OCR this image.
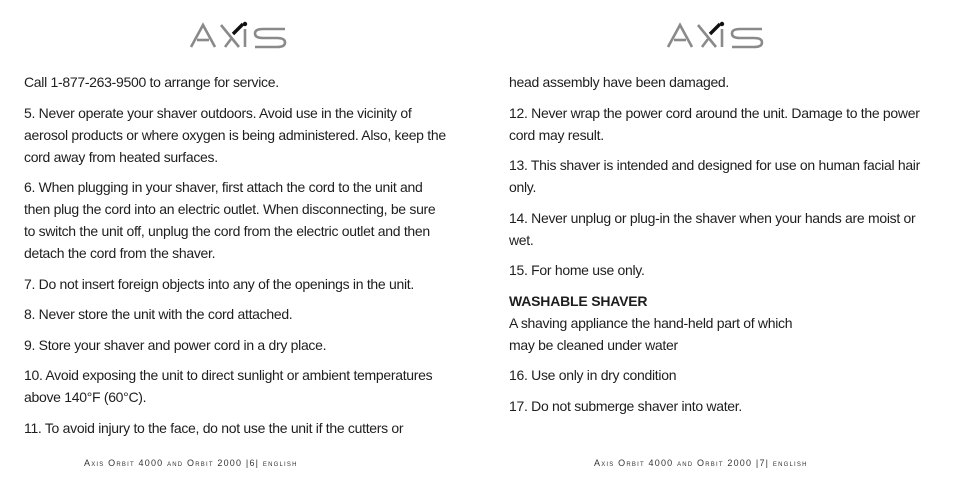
Call 1-877-263-9500 to arrange for service.

5. Never operate your shaver outdoors. Avoid use in the vicinity of aerosol products or where oxygen is being administered. Also, keep the cord away from heated surfaces.

6. When plugging in your shaver, first attach the cord to the unit and then plug the cord into an electric outlet. When disconnecting, be sure to switch the unit off, unplug the cord from the electric outlet and then detach the cord from the shaver.

7. Do not insert foreign objects into any of the openings in the unit.

8. Never store the unit with the cord attached.

9. Store your shaver and power cord in a dry place.

10. Avoid exposing the unit to direct sunlight or ambient temperatures above 140°F (60°C).

11. To avoid injury to the face, do not use the unit if the cutters or

Axis Orbit 4000 and Orbit 2000 |6| english

head assembly have been damaged.

12. Never wrap the power cord around the unit. Damage to the power cord may result.

13. This shaver is intended and designed for use on human facial hair only.

14. Never unplug or plug-in the shaver when your hands are moist or wet.

15. For home use only.

WASHABLE SHAVER
A shaving appliance the hand-held part of which
may be cleaned under water

16. Use only in dry condition

17. Do not submerge shaver into water.

Axis Orbit 4000 and Orbit 2000 |7| english
